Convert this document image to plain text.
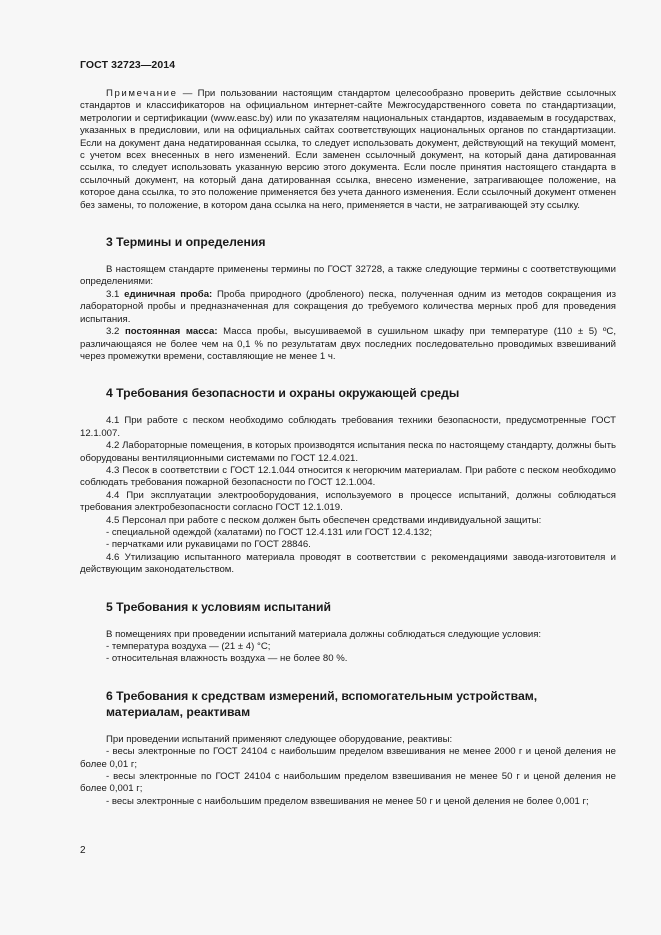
ГОСТ 32723—2014

Примечание — При пользовании настоящим стандартом целесообразно проверить действие ссылочных стандартов и классификаторов на официальном интернет-сайте Межгосударственного совета по стандартизации, метрологии и сертификации (www.easc.by) или по указателям национальных стандартов, издаваемым в государствах, указанных в предисловии, или на официальных сайтах соответствующих национальных органов по стандартизации. Если на документ дана недатированная ссылка, то следует использовать документ, действующий на текущий момент, с учетом всех внесенных в него изменений. Если заменен ссылочный документ, на который дана датированная ссылка, то следует использовать указанную версию этого документа. Если после принятия настоящего стандарта в ссылочный документ, на который дана датированная ссылка, внесено изменение, затрагивающее положение, на которое дана ссылка, то это положение применяется без учета данного изменения. Если ссылочный документ отменен без замены, то положение, в котором дана ссылка на него, применяется в части, не затрагивающей эту ссылку.

3 Термины и определения

В настоящем стандарте применены термины по ГОСТ 32728, а также следующие термины с соответствующими определениями:

3.1 единичная проба: Проба природного (дробленого) песка, полученная одним из методов сокращения из лабораторной пробы и предназначенная для сокращения до требуемого количества мерных проб для проведения испытания.

3.2 постоянная масса: Масса пробы, высушиваемой в сушильном шкафу при температуре (110 ± 5) ºС, различающаяся не более чем на 0,1 % по результатам двух последних последовательно проводимых взвешиваний через промежутки времени, составляющие не менее 1 ч.

4 Требования безопасности и охраны окружающей среды

4.1 При работе с песком необходимо соблюдать требования техники безопасности, предусмотренные ГОСТ 12.1.007.

4.2 Лабораторные помещения, в которых производятся испытания песка по настоящему стандарту, должны быть оборудованы вентиляционными системами по ГОСТ 12.4.021.

4.3 Песок в соответствии с ГОСТ 12.1.044 относится к негорючим материалам. При работе с песком необходимо соблюдать требования пожарной безопасности по ГОСТ 12.1.004.

4.4 При эксплуатации электрооборудования, используемого в процессе испытаний, должны соблюдаться требования электробезопасности согласно ГОСТ 12.1.019.

4.5 Персонал при работе с песком должен быть обеспечен средствами индивидуальной защиты:

- специальной одеждой (халатами) по ГОСТ 12.4.131 или ГОСТ 12.4.132;

- перчатками или рукавицами по ГОСТ 28846.

4.6 Утилизацию испытанного материала проводят в соответствии с рекомендациями завода-изготовителя и действующим законодательством.

5 Требования к условиям испытаний

В помещениях при проведении испытаний материала должны соблюдаться следующие условия:

- температура воздуха — (21 ± 4) °С;

- относительная влажность воздуха — не более 80 %.

6 Требования к средствам измерений, вспомогательным устройствам,
материалам, реактивам

При проведении испытаний применяют следующее оборудование, реактивы:

- весы электронные по ГОСТ 24104 с наибольшим пределом взвешивания не менее 2000 г и ценой деления не более 0,01 г;

- весы электронные по ГОСТ 24104 с наибольшим пределом взвешивания не менее 50 г и ценой деления не более 0,001 г;

- весы электронные с наибольшим пределом взвешивания не менее 50 г и ценой деления не более 0,001 г;

2
